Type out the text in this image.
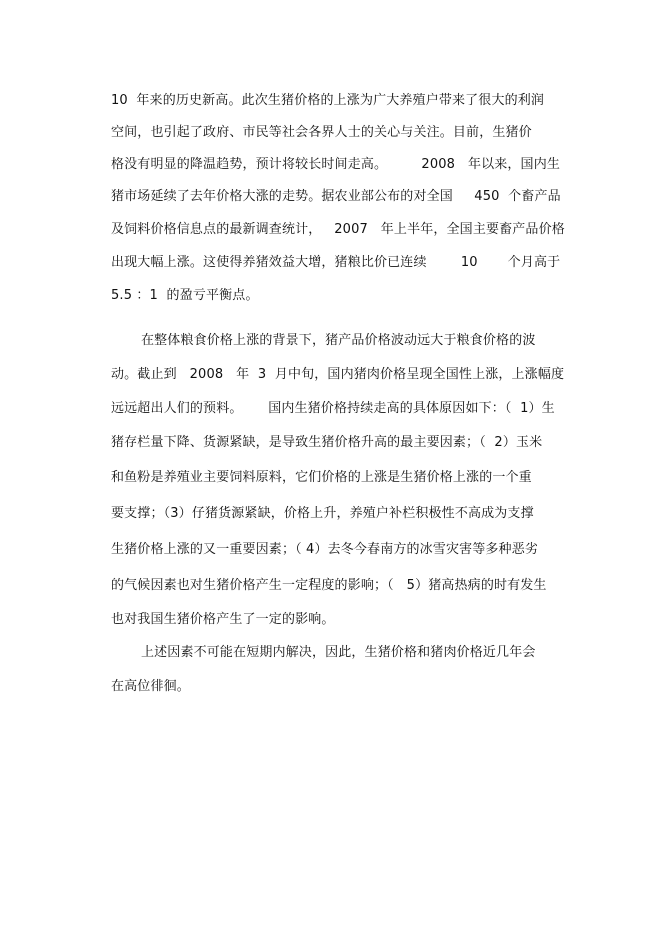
10  年来的历史新高。此次生猪价格的上涨为广大养殖户带来了很大的利润
空间，也引起了政府、市民等社会各界人士的关心与关注。目前，生猪价
格没有明显的降温趋势，预计将较长时间走高。        2008   年以来，国内生
猪市场延续了去年价格大涨的走势。据农业部公布的对全国     450  个畜产品
及饲料价格信息点的最新调查统计，   2007   年上半年，全国主要畜产品价格
出现大幅上涨。这使得养猪效益大增，猪粮比价已连续        10       个月高于
5.5 ：1  的盈亏平衡点。
在整体粮食价格上涨的背景下，猪产品价格波动远大于粮食价格的波
动。截止到   2008   年  3  月中旬，国内猪肉价格呈现全国性上涨，上涨幅度
远远超出人们的预料。      国内生猪价格持续走高的具体原因如下：（  1）生
猪存栏量下降、货源紧缺，是导致生猪价格升高的最主要因素；（  2）玉米
和鱼粉是养殖业主要饲料原料，它们价格的上涨是生猪价格上涨的一个重
要支撑；（3）仔猪货源紧缺，价格上升，养殖户补栏积极性不高成为支撑
生猪价格上涨的又一重要因素；（ 4）去冬今春南方的冰雪灾害等多种恶劣
的气候因素也对生猪价格产生一定程度的影响；（   5）猪高热病的时有发生
也对我国生猪价格产生了一定的影响。
上述因素不可能在短期内解决，因此，生猪价格和猪肉价格近几年会
在高位徘徊。
